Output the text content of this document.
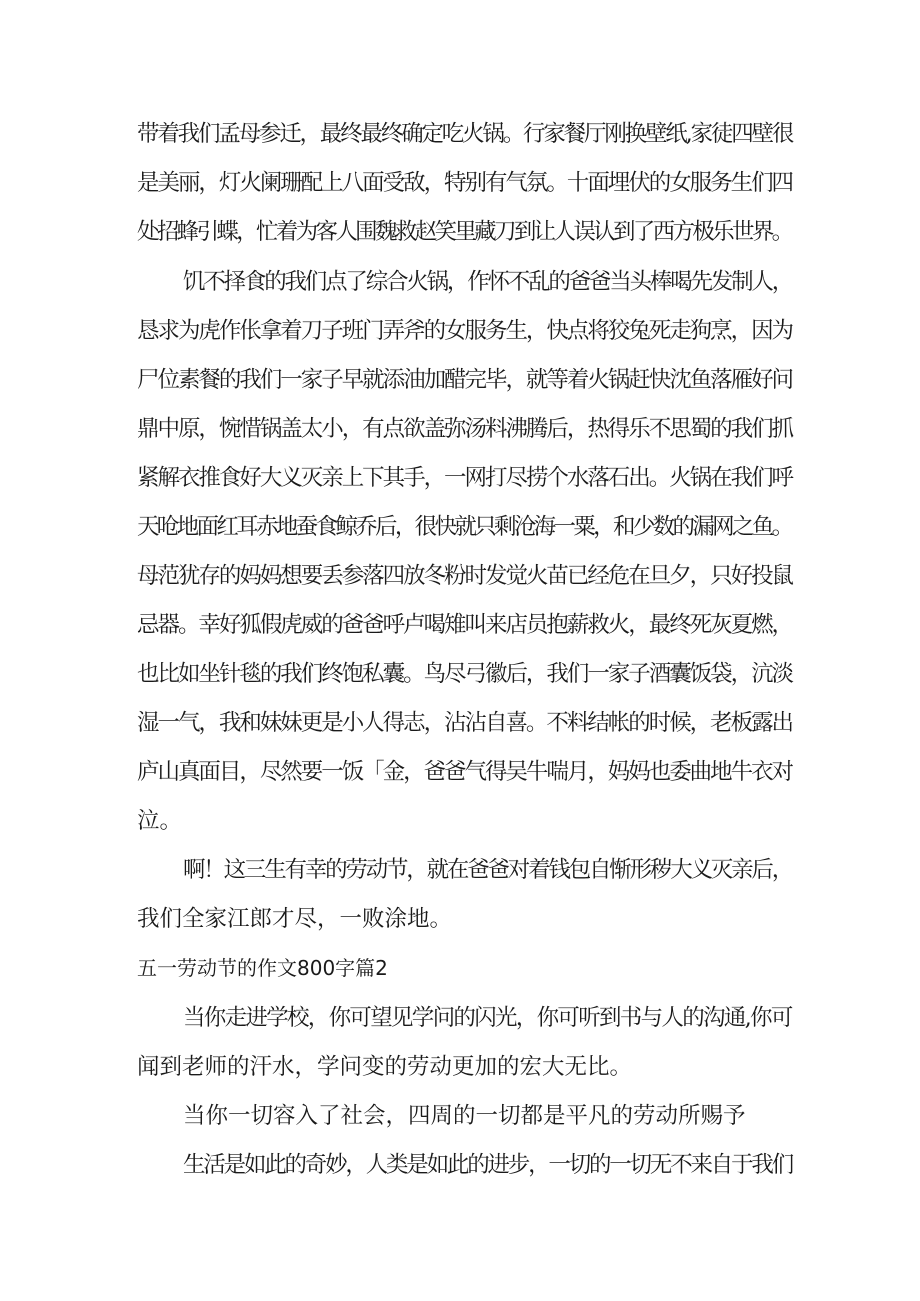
带着我们孟母参迁，最终最终确定吃火锅。行家餐厅刚换壁纸,家徒四壁很
是美丽，灯火阑珊配上八面受敌，特别有气氛。十面埋伏的女服务生们四
处招蜂引蝶，忙着为客人围魏救赵笑里藏刀到让人误认到了西方极乐世界。
饥不择食的我们点了综合火锅，作怀不乱的爸爸当头棒喝先发制人，
恳求为虎作伥拿着刀子班门弄斧的女服务生，快点将狡兔死走狗烹，因为
尸位素餐的我们一家子早就添油加醋完毕，就等着火锅赶快沈鱼落雁好问
鼎中原，惋惜锅盖太小，有点欲盖弥汤料沸腾后，热得乐不思蜀的我们抓
紧解衣推食好大义灭亲上下其手，一网打尽捞个水落石出。火锅在我们呼
天呛地面红耳赤地蚕食鲸乔后，很快就只剩沧海一粟，和少数的漏网之鱼。
母范犹存的妈妈想要丢参落四放冬粉时发觉火苗已经危在旦夕，只好投鼠
忌器。幸好狐假虎威的爸爸呼卢喝雉叫来店员抱薪救火，最终死灰夏燃，
也比如坐针毯的我们终饱私囊。鸟尽弓徽后，我们一家子酒囊饭袋，沆淡
湿一气，我和妹妹更是小人得志，沾沾自喜。不料结帐的时候，老板露出
庐山真面目，尽然要一饭「金，爸爸气得吴牛喘月，妈妈也委曲地牛衣对
泣。
啊！这三生有幸的劳动节，就在爸爸对着钱包自惭形秽大义灭亲后，
我们全家江郎才尽，一败涂地。
五一劳动节的作文800字篇2
当你走进学校，你可望见学问的闪光，你可听到书与人的沟通,你可
闻到老师的汗水，学问变的劳动更加的宏大无比。
当你一切容入了社会，四周的一切都是平凡的劳动所赐予
生活是如此的奇妙，人类是如此的进步，一切的一切无不来自于我们
